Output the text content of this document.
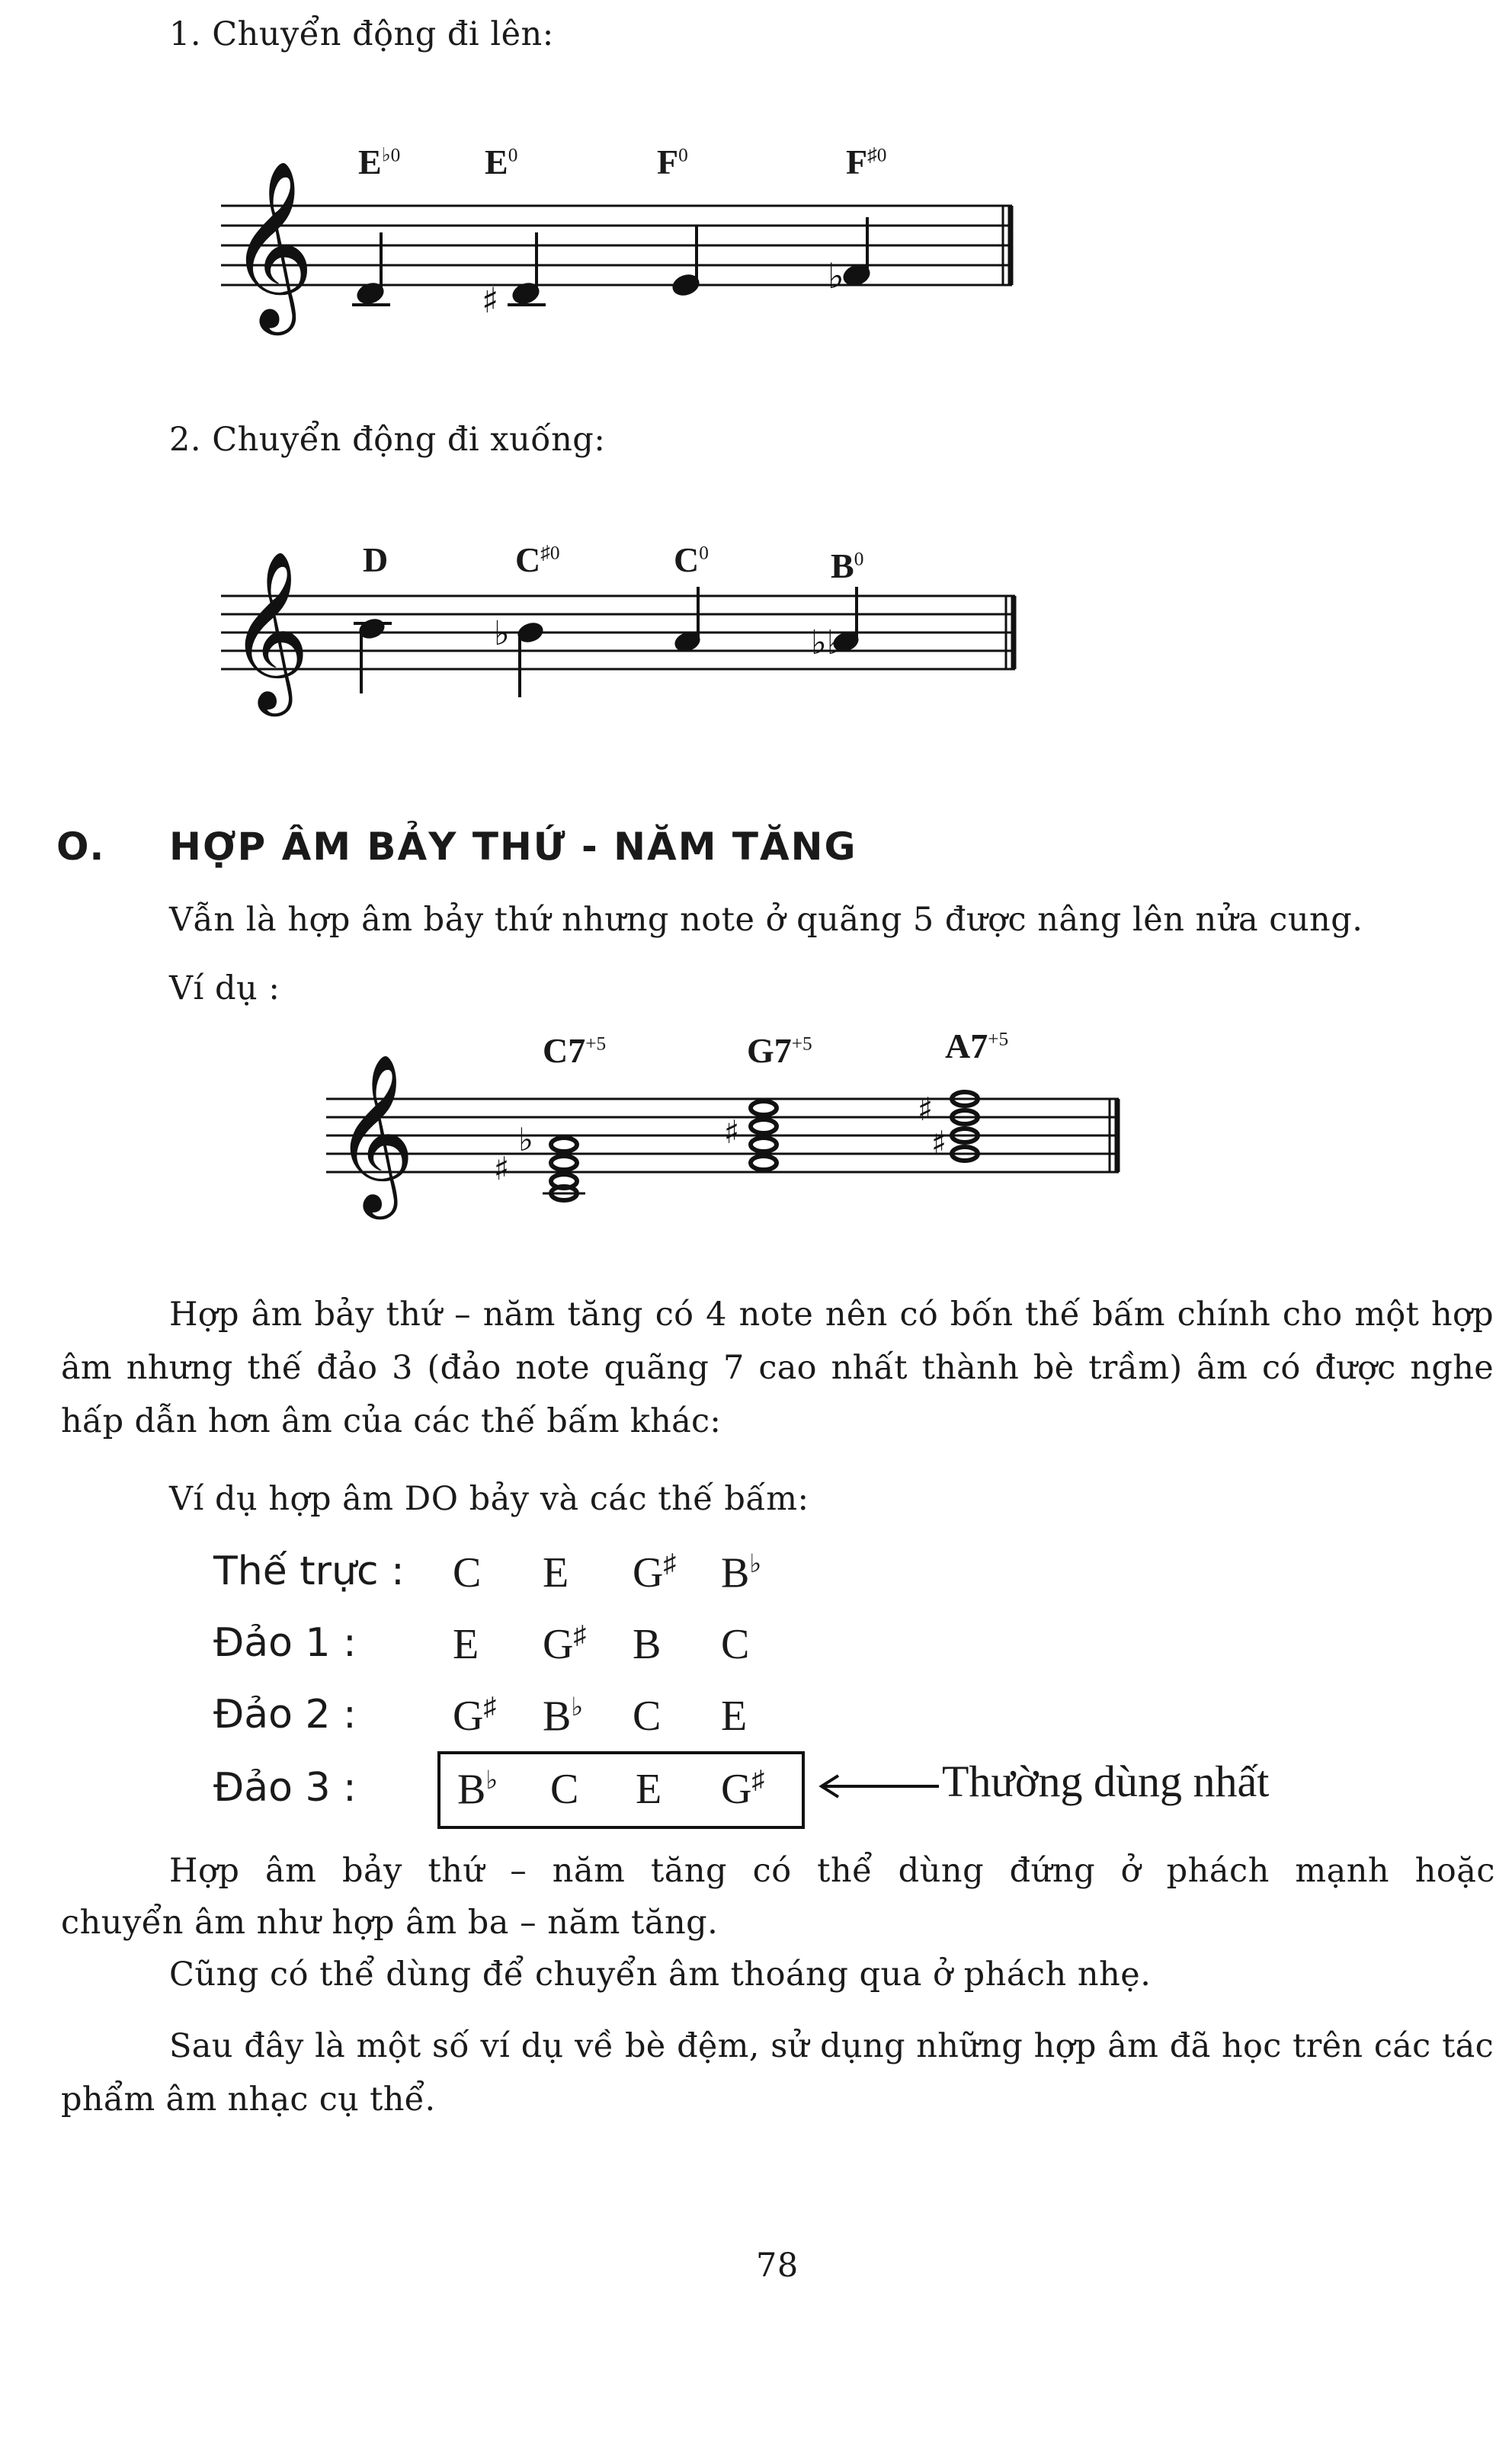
1. Chuyển động đi lên:
$E^{♭0}$ $E^0$	$F^0$	$F^{♯0}$
𝄞	♯
♭
2. Chuyển động đi xuống:
D	$C^{♯0}$	$C^0$	$B^0$
𝄞	♭	♭♭
O. HỢP ÂM BẢY THỨ - NĂM TĂNG
Vẫn là hợp âm bảy thứ nhưng note ở quãng 5 được nâng lên nửa cung.
Ví dụ :
$C7^{+5}$	$G7^{+5}$	$A7^{+5}$
𝄞 ♯
♭	♯
♯
♯
Hợp âm bảy thứ – năm tăng có 4 note nên có bốn thế bấm chính cho một hợp âm nhưng thế đảo 3 (đảo note quãng 7 cao nhất thành bè trầm) âm có được nghe hấp dẫn hơn âm của các thế bấm khác:
Ví dụ hợp âm DO bảy và các thế bấm:
Thế trực : C E G♯ B♭
Đảo 1 : E G♯ B C
Đảo 2 : G♯ B♭ C E
Đảo 3 : B♭ C E G♯	Thường dùng nhất
Hợp âm bảy thứ – năm tăng có thể dùng đứng ở phách mạnh hoặc
chuyển âm như hợp âm ba – năm tăng.
Cũng có thể dùng để chuyển âm thoáng qua ở phách nhẹ.
Sau đây là một số ví dụ về bè đệm, sử dụng những hợp âm đã học trên các tác phẩm âm nhạc cụ thể.
78
